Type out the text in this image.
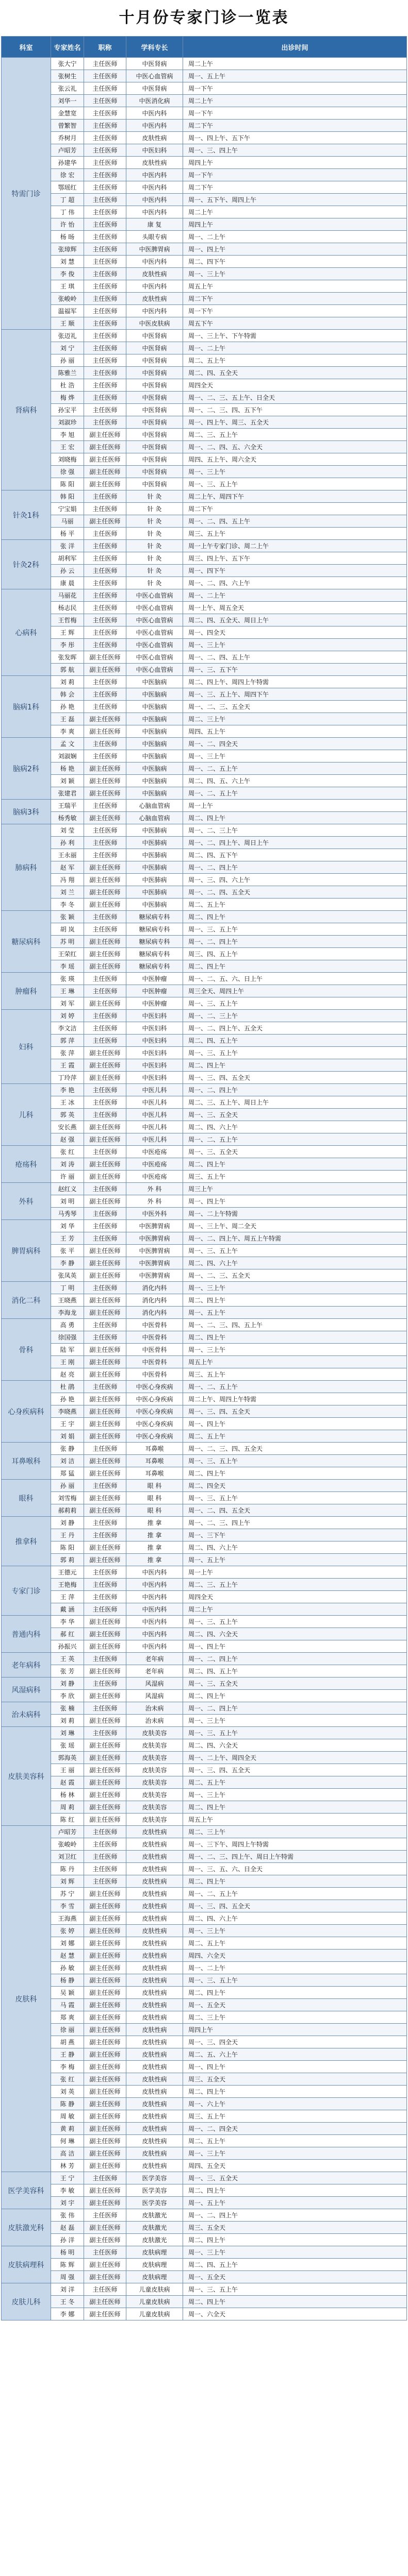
十月份专家门诊一览表
科室	专家姓名	职称	学科专长	出诊时间
特需门诊	张大宁	主任医师	中医肾病	周二上午
	张树生	主任医师	中医心血管病	周一、五上午
	张云礼	主任医师	中医肾病	周一下午
	刘华一	主任医师	中医消化病	周二上午
	金慧宽	主任医师	中医内科	周一下午
	曾繁智	主任医师	中医内科	周二下午
	乔树月	主任医师	皮肤性病	周一、四上午、五下午
	卢昭芳	主任医师	中医妇科	周一、三、四上午
	孙建华	主任医师	皮肤性病	周四上午
	徐 宏	主任医师	中医内科	周一下午
	鄂瑶红	主任医师	中医内科	周二下午
	丁 超	主任医师	中医内科	周一、五下午、周四上午
	丁 伟	主任医师	中医内科	周二上午
	许 怡	主任医师	康 复	周四上午
	杨 旸	主任医师	头眼专病	周一、二上午
	张璋辉	主任医师	中医脾胃病	周一、四上午
	刘 慧	主任医师	中医内科	周二、四下午
	李 俊	主任医师	皮肤性病	周一、三上午
	王 琪	主任医师	中医内科	周五上午
	张峻岭	主任医师	皮肤性病	周二下午
	温福军	主任医师	中医内科	周一下午
	王 顺	主任医师	中医皮肤病	周五下午
肾病科	张迈礼	主任医师	中医肾病	周一、三上午、下午特需
	刘 宁	主任医师	中医肾病	周一、二上午
	孙 丽	主任医师	中医肾病	周二、五上午
	陈雅兰	主任医师	中医肾病	周二、四、五全天
	杜 浩	主任医师	中医肾病	周四全天
	梅 烨	主任医师	中医肾病	周一、二、三、五上午、日全天
	孙宝平	主任医师	中医肾病	周一、二、三、四、五下午
	刘淑珍	主任医师	中医肾病	周一、四上午、周三、五全天
	李 旭	副主任医师	中医肾病	周二、三、五上午
	王 宏	副主任医师	中医肾病	周一、二、四、五、六全天
	刘晓梅	副主任医师	中医肾病	周四、五上午、周六全天
	徐 强	副主任医师	中医肾病	周一、三上午
	陈 阳	副主任医师	中医肾病	周一、三、五上午
针灸1科	韩 阳	主任医师	针 灸	周二上午、周四下午
	宁宝娟	主任医师	针 灸	周二下午
	马丽	副主任医师	针 灸	周一、二、四、五上午
	杨 平	主任医师	针 灸	周三、五上午
针灸2科	张 洋	主任医师	针 灸	周一上午专家门诊、周二上午
	胡利军	主任医师	针 灸	周三、四上午、五下午
	孙 云	主任医师	针 灸	周一、四下午
	康 晨	主任医师	针 灸	周一、二、四、六上午
心病科	马丽花	主任医师	中医心血管病	周一、二上午
	杨志民	主任医师	中医心血管病	周一上午、周五全天
	王哲梅	主任医师	中医心血管病	周二、四、五全天、周日上午
	王 辉	主任医师	中医心血管病	周一、四全天
	李 彤	主任医师	中医心血管病	周一、三上午
	张发晖	副主任医师	中医心血管病	周一、二、四、五上午
	郭 航	副主任医师	中医心血管病	周一、三、五下午
脑病1科	刘 莉	主任医师	中医脑病	周二、四上午、周四上午特需
	韩 会	主任医师	中医脑病	周一、三、五上午、周四下午
	孙 艳	主任医师	中医脑病	周一、二、三、五全天
	王 磊	副主任医师	中医脑病	周二、三上午
	李 爽	副主任医师	中医脑病	周四、五上午
脑病2科	孟 文	主任医师	中医脑病	周一、二、四全天
	刘淑娴	主任医师	中医脑病	周一、三上午
	杨 艳	副主任医师	中医脑病	周一、二、五上午
	刘 颖	副主任医师	中医脑病	周二、四、五、六上午
	张建君	副主任医师	中医脑病	周一、二、五上午
脑病3科	王瑞平	主任医师	心脑血管病	周一上午
	杨秀敏	副主任医师	心脑血管病	周二、四上午
肺病科	刘 莹	主任医师	中医肺病	周一、二、三上午
	孙 利	主任医师	中医肺病	周一、二、四上午、周日上午
	王永丽	主任医师	中医肺病	周二、四、五下午
	赵 军	副主任医师	中医肺病	周一、二、四上午
	冯 翔	副主任医师	中医肺病	周一、三、四、六上午
	刘 兰	副主任医师	中医肺病	周一、二、四、五全天
	李 冬	副主任医师	中医肺病	周二、五上午
糖尿病科	张 颖	主任医师	糖尿病专科	周二、四上午
	胡 岚	主任医师	糖尿病专科	周一、三、五上午
	苏 明	副主任医师	糖尿病专科	周一、二、四上午
	王荣红	副主任医师	糖尿病专科	周三、四、五上午
	李 瑶	副主任医师	糖尿病专科	周二、四上午
肿瘤科	张 瑛	主任医师	中医肿瘤	周一、二、五、六、日上午
	王 琳	主任医师	中医肿瘤	周三全天、周四上午
	刘 军	副主任医师	中医肿瘤	周一、三、五上午
妇科	刘 婷	主任医师	中医妇科	周一、二、三上午
	李文洁	主任医师	中医妇科	周一、二、四上午、五全天
	郭 萍	主任医师	中医妇科	周二、四、五上午
	张 萍	副主任医师	中医妇科	周一、三、五上午
	王 霞	副主任医师	中医妇科	周二、四上午
	丁玲萍	副主任医师	中医妇科	周一、三、四、五全天
儿科	李 艳	主任医师	中医儿科	周一、二、四上午
	王 冰	主任医师	中医儿科	周二、三、五上午、周日上午
	郭 英	主任医师	中医儿科	周一、三、五全天
	安长燕	副主任医师	中医儿科	周二、四、六上午
	赵 强	副主任医师	中医儿科	周一、二、五上午
疮疡科	张 红	主任医师	中医疮疡	周一、三、五全天
	刘 涛	副主任医师	中医疮疡	周二、四上午
	许 丽	副主任医师	中医疮疡	周三、五上午
外科	赵红义	主任医师	外 科	周三上午
	刘 明	副主任医师	外 科	周一、四上午
	马秀琴	主任医师	中医外科	周一、二上午特需
脾胃病科	刘 华	主任医师	中医脾胃病	周一、三上午、周二全天
	王 芳	主任医师	中医脾胃病	周一、二、四上午、周五上午特需
	张 平	副主任医师	中医脾胃病	周一、三、五上午
	李 静	副主任医师	中医脾胃病	周二、四、六上午
	张凤英	副主任医师	中医脾胃病	周一、二、三、五全天
消化二科	丁 明	主任医师	消化内科	周一、三上午
	王晓燕	副主任医师	消化内科	周二、四上午
	李海龙	副主任医师	消化内科	周一、五上午
骨科	高 勇	主任医师	中医骨科	周一、二、三、四、五上午
	徐国强	主任医师	中医骨科	周二、四上午
	陆 军	副主任医师	中医骨科	周一、三上午
	王 刚	副主任医师	中医骨科	周五上午
	赵 亮	副主任医师	中医骨科	周三、五上午
心身疾病科	杜 鹃	主任医师	中医心身疾病	周一、二、五上午
	孙 艳	副主任医师	中医心身疾病	周二上午、周四上午特需
	李晓燕	副主任医师	中医心身疾病	周一、三、四、五全天
	王 宇	副主任医师	中医心身疾病	周一、四上午
	刘 娟	副主任医师	中医心身疾病	周二、五上午
耳鼻喉科	张 静	主任医师	耳鼻喉	周一、二、三、四、五全天
	刘 洁	副主任医师	耳鼻喉	周一、三、五上午
	郑 猛	副主任医师	耳鼻喉	周二、四上午
眼科	孙 丽	主任医师	眼 科	周二、四全天
	刘雪梅	副主任医师	眼 科	周一、三、五上午
	郝莉莉	副主任医师	眼 科	周一、二、四、五全天
推拿科	刘 静	主任医师	推 拿	周一、二、三、四上午
	王 丹	主任医师	推 拿	周一、三下午
	陈 阳	副主任医师	推 拿	周二、四、六上午
	郭 莉	副主任医师	推 拿	周一、五上午
专家门诊	王德元	主任医师	中医内科	周一上午
	王艳梅	主任医师	中医内科	周二、三、五上午
	王 萍	主任医师	中医内科	周四全天
	戴 涵	主任医师	中医内科	周二上午
普通内科	李 华	副主任医师	中医内科	周一、三、五上午
	郝 红	副主任医师	中医内科	周二、四、六全天
	孙振兴	副主任医师	中医内科	周一、四上午
老年病科	王 英	主任医师	老年病	周一、二、四上午
	张 芳	副主任医师	老年病	周二、四、五上午
风湿病科	刘 静	主任医师	风湿病	周一、三、五全天
	李 欣	副主任医师	风湿病	周二、四上午
治未病科	张 楠	主任医师	治未病	周一、二、四上午
	刘 莉	副主任医师	治未病	周一、三上午
皮肤美容科	刘 琳	主任医师	皮肤美容	周一、三、五上午
	张 瑶	副主任医师	皮肤美容	周二、四、六全天
	郭海英	副主任医师	皮肤美容	周一、二上午、周四全天
	王 丽	副主任医师	皮肤美容	周一、三、四、五全天
	赵 霞	副主任医师	皮肤美容	周二、五上午
	杨 林	副主任医师	皮肤美容	周一、三上午
	周 莉	副主任医师	皮肤美容	周二、四上午
	陈 红	副主任医师	皮肤美容	周五上午
皮肤科	卢昭芳	主任医师	皮肤性病	周二、三上午
	张峻岭	主任医师	皮肤性病	周一、三下午、周四上午特需
	刘卫红	主任医师	皮肤性病	周一、二、三、四上午、周日上午特需
	陈 丹	主任医师	皮肤性病	周一、三、五、六、日全天
	刘 辉	主任医师	皮肤性病	周二、四上午
	苏 宁	副主任医师	皮肤性病	周一、二、五上午
	李 雪	副主任医师	皮肤性病	周一、三、四、五全天
	王海燕	副主任医师	皮肤性病	周二、四、六上午
	张 婷	副主任医师	皮肤性病	周一、三上午
	刘 娜	副主任医师	皮肤性病	周二、五上午
	赵 慧	副主任医师	皮肤性病	周四、六全天
	孙 敏	副主任医师	皮肤性病	周一、二上午
	杨 静	副主任医师	皮肤性病	周一、三、五上午
	吴 颖	副主任医师	皮肤性病	周二、四上午
	马 霞	副主任医师	皮肤性病	周一、五全天
	郑 爽	副主任医师	皮肤性病	周二、三上午
	徐 丽	副主任医师	皮肤性病	周四上午
	胡 燕	副主任医师	皮肤性病	周一、三、四全天
	王 静	副主任医师	皮肤性病	周二、五、六上午
	李 梅	副主任医师	皮肤性病	周一、四上午
	张 红	副主任医师	皮肤性病	周三、五全天
	刘 英	副主任医师	皮肤性病	周二、四上午
	陈 静	副主任医师	皮肤性病	周一、六上午
	周 敏	副主任医师	皮肤性病	周三、五上午
	黄 莉	副主任医师	皮肤性病	周一、二、四全天
	何 琳	副主任医师	皮肤性病	周二、五上午
	高 洁	副主任医师	皮肤性病	周一、三上午
	林 芳	副主任医师	皮肤性病	周四、五全天
医学美容科	王 宁	主任医师	医学美容	周一、三、五全天
	李 敏	副主任医师	医学美容	周二、四上午
	刘 宇	副主任医师	医学美容	周一、五上午
皮肤激光科	张 伟	主任医师	皮肤激光	周一、二、四上午
	赵 磊	副主任医师	皮肤激光	周三、五全天
	孙 洋	副主任医师	皮肤激光	周二、四上午
皮肤病理科	杨 明	主任医师	皮肤病理	周一、三上午
	陈 辉	副主任医师	皮肤病理	周二、四、五上午
	周 强	副主任医师	皮肤病理	周一、五全天
皮肤儿科	刘 洋	主任医师	儿童皮肤病	周一、三、五上午
	王 冬	副主任医师	儿童皮肤病	周二、四上午
	李 娜	副主任医师	儿童皮肤病	周一、六全天
